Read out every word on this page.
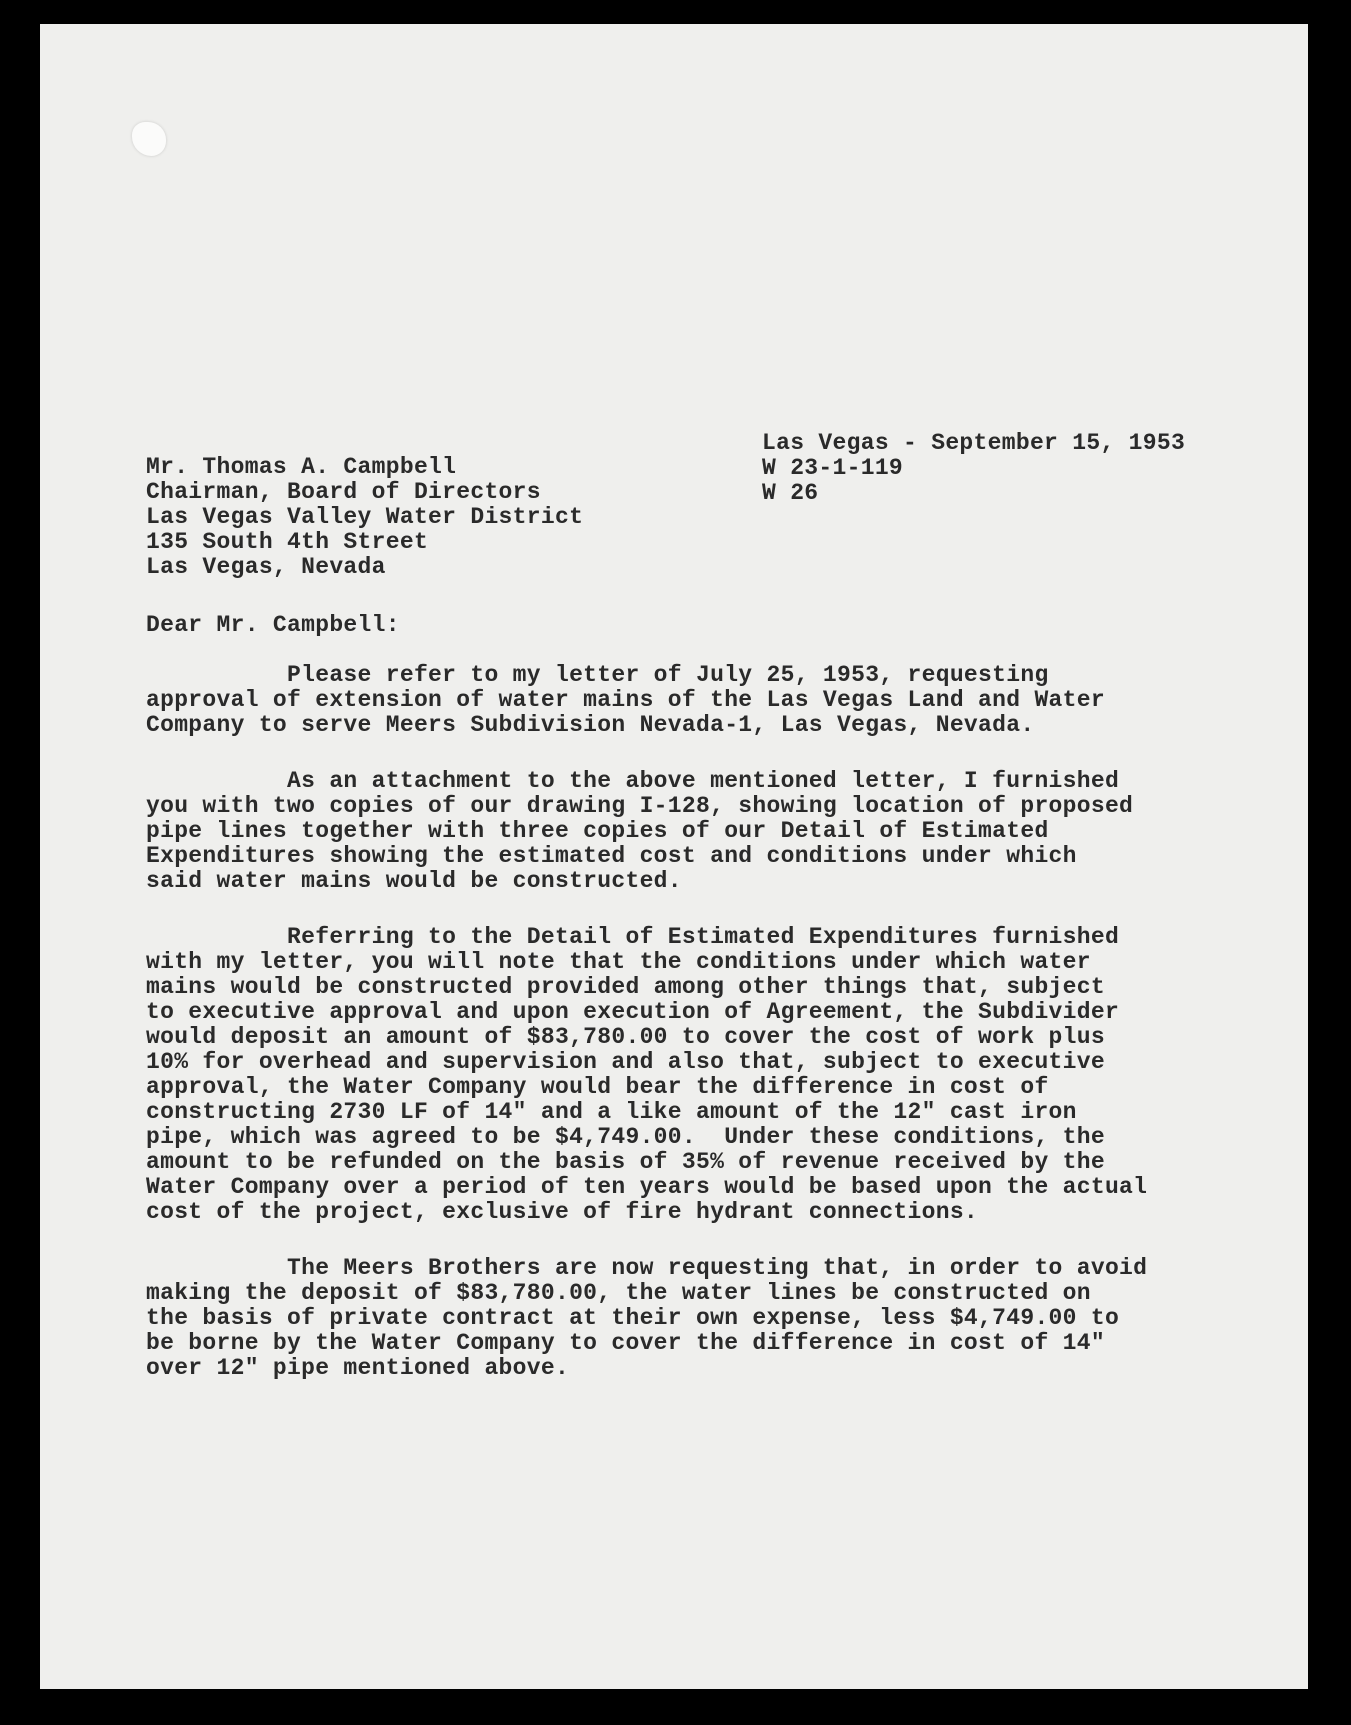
Las Vegas - September 15, 1953
W 23-1-119
W 26
Mr. Thomas A. Campbell
Chairman, Board of Directors
Las Vegas Valley Water District
135 South 4th Street
Las Vegas, Nevada
Dear Mr. Campbell:
Please refer to my letter of July 25, 1953, requesting
approval of extension of water mains of the Las Vegas Land and Water
Company to serve Meers Subdivision Nevada-1, Las Vegas, Nevada.
As an attachment to the above mentioned letter, I furnished
you with two copies of our drawing I-128, showing location of proposed
pipe lines together with three copies of our Detail of Estimated
Expenditures showing the estimated cost and conditions under which
said water mains would be constructed.
Referring to the Detail of Estimated Expenditures furnished
with my letter, you will note that the conditions under which water
mains would be constructed provided among other things that, subject
to executive approval and upon execution of Agreement, the Subdivider
would deposit an amount of $83,780.00 to cover the cost of work plus
10% for overhead and supervision and also that, subject to executive
approval, the Water Company would bear the difference in cost of
constructing 2730 LF of 14" and a like amount of the 12" cast iron
pipe, which was agreed to be $4,749.00.  Under these conditions, the
amount to be refunded on the basis of 35% of revenue received by the
Water Company over a period of ten years would be based upon the actual
cost of the project, exclusive of fire hydrant connections.
The Meers Brothers are now requesting that, in order to avoid
making the deposit of $83,780.00, the water lines be constructed on
the basis of private contract at their own expense, less $4,749.00 to
be borne by the Water Company to cover the difference in cost of 14"
over 12" pipe mentioned above.
